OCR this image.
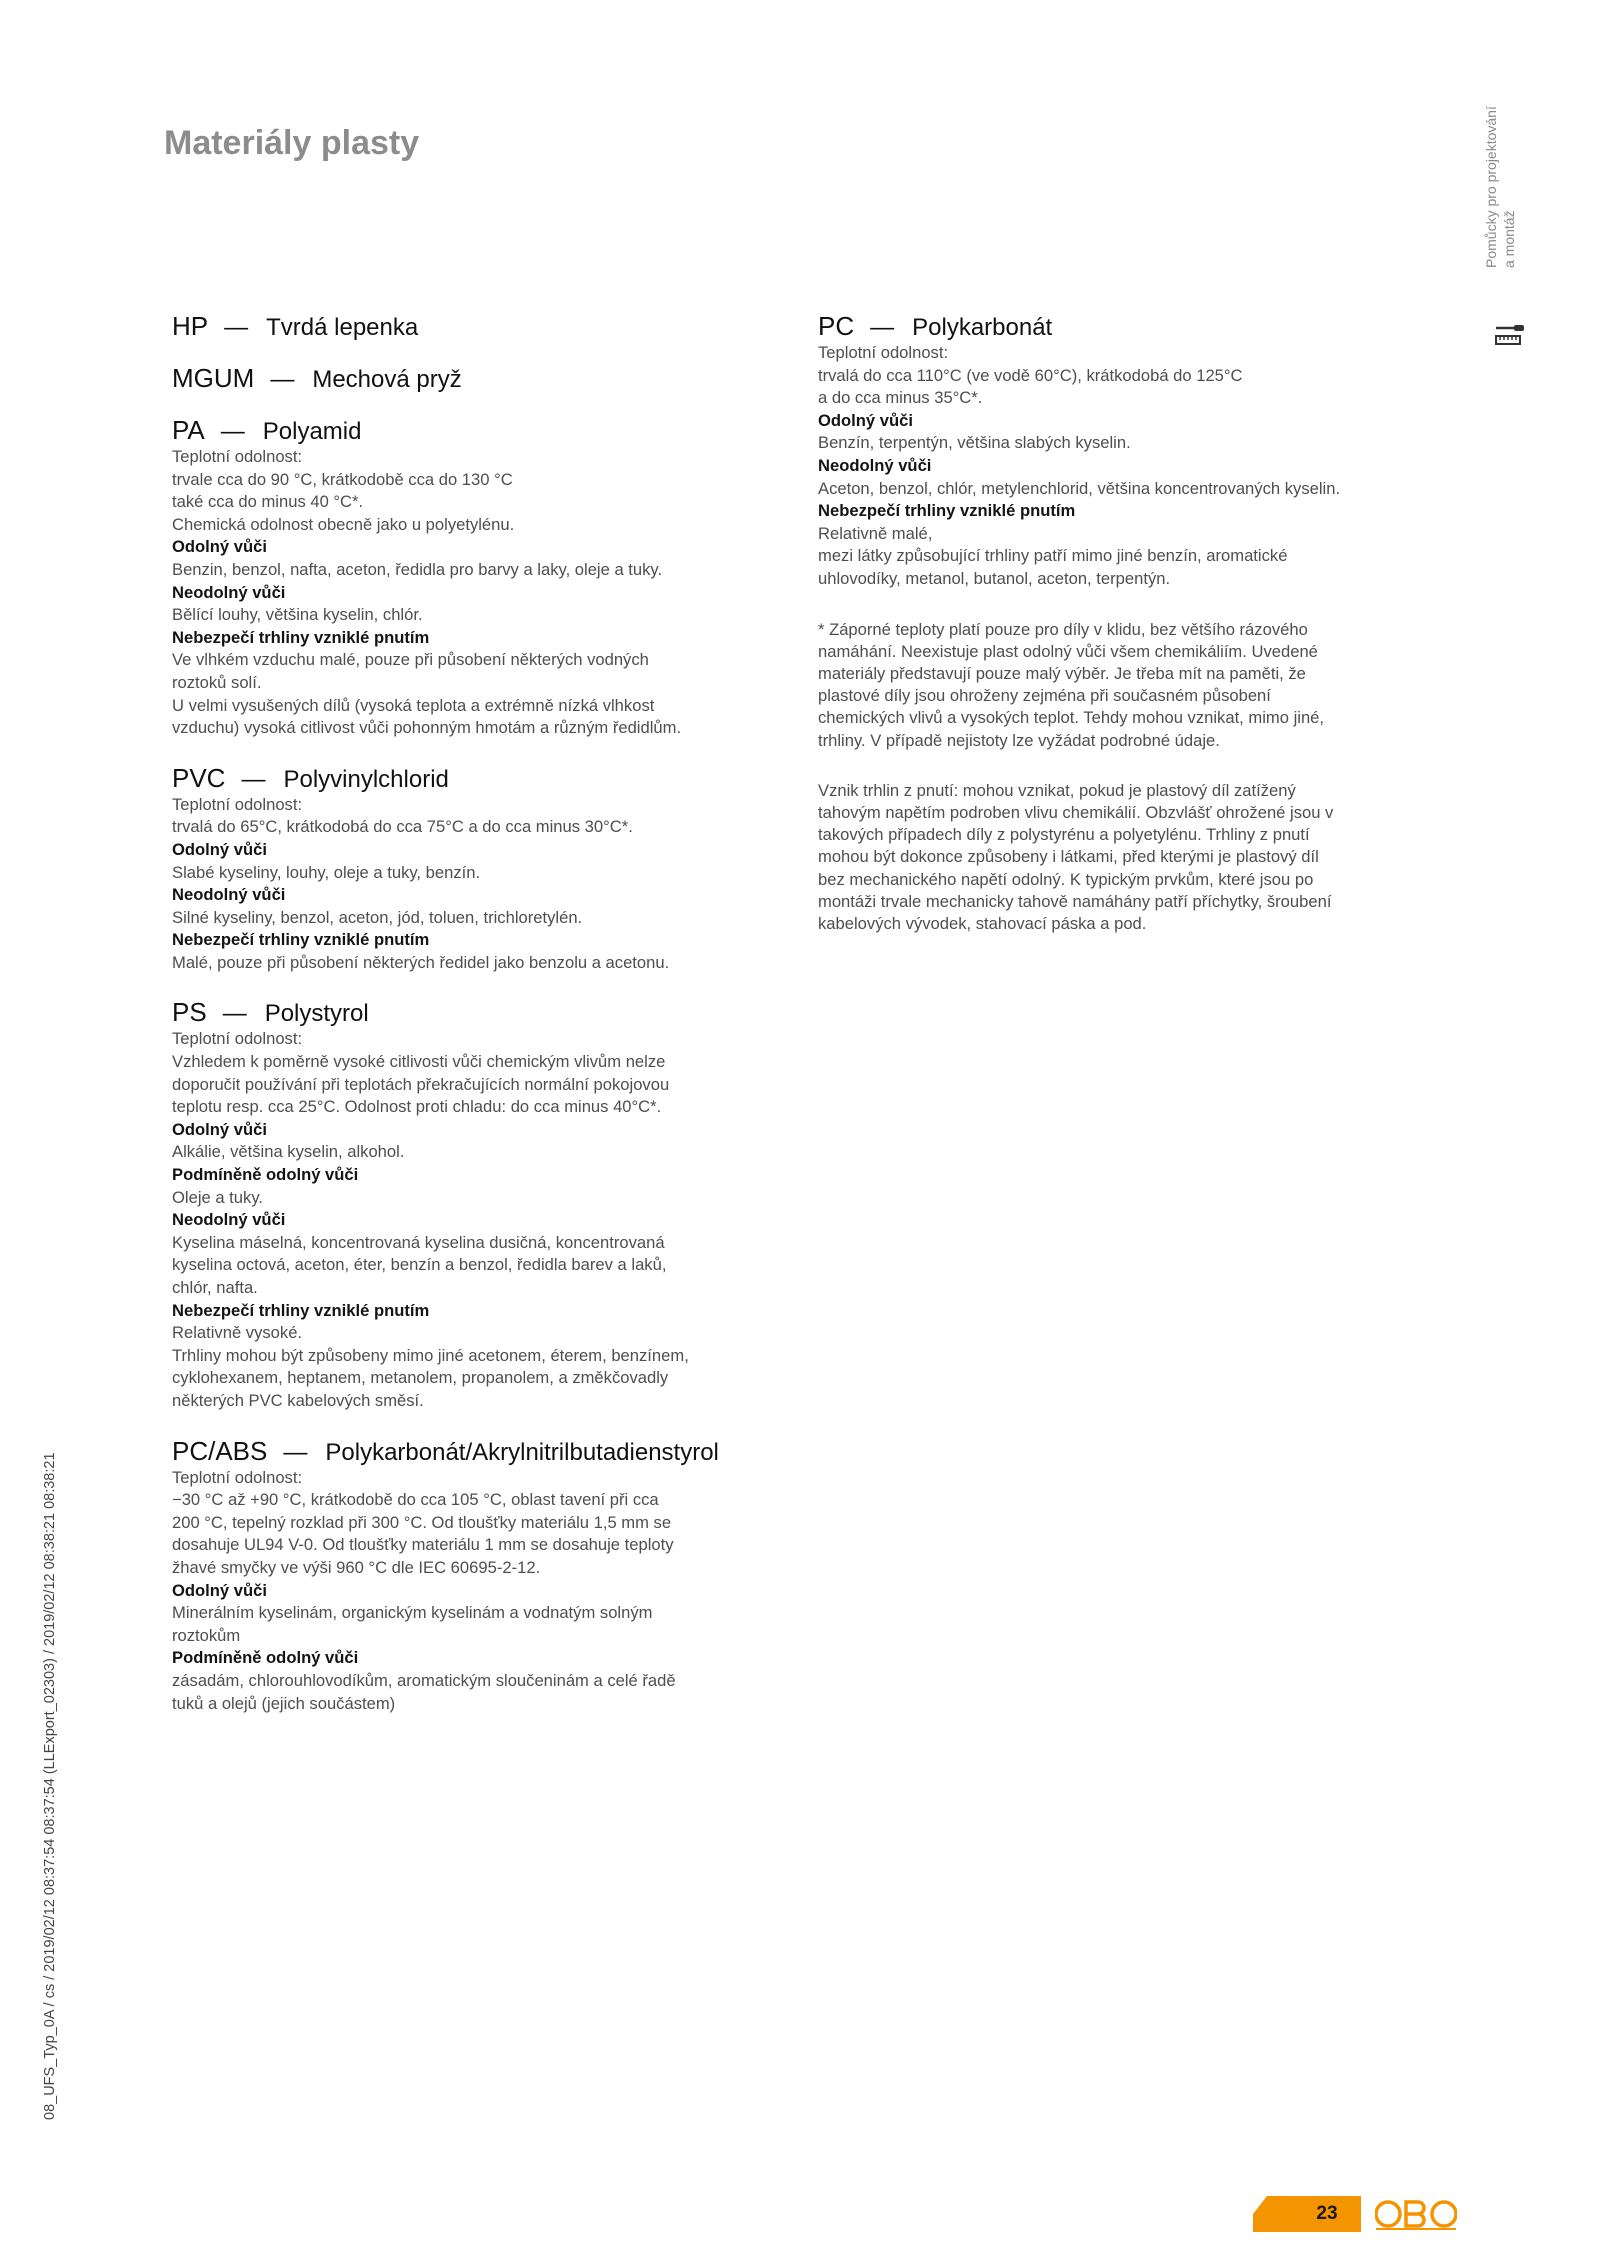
Materiály plasty	Pomůcky pro projektování a montáž
HP — Tvrdá lepenka
MGUM — Mechová pryž
PA — Polyamid

Teplotní odolnost:

trvale cca do 90 °C, krátkodobě cca do 130 °C

také cca do minus 40 °C*.

Chemická odolnost obecně jako u polyetylénu.

Odolný vůči

Benzin, benzol, nafta, aceton, ředidla pro barvy a laky, oleje a tuky.

Neodolný vůči

Bělící louhy, většina kyselin, chlór.

Nebezpečí trhliny vzniklé pnutím

Ve vlhkém vzduchu malé, pouze při působení některých vodných

roztoků solí.

U velmi vysušených dílů (vysoká teplota a extrémně nízká vlhkost

vzduchu) vysoká citlivost vůči pohonným hmotám a různým ředidlům.

PVC — Polyvinylchlorid

Teplotní odolnost:

trvalá do 65°C, krátkodobá do cca 75°C a do cca minus 30°C*.

Odolný vůči

Slabé kyseliny, louhy, oleje a tuky, benzín.

Neodolný vůči

Silné kyseliny, benzol, aceton, jód, toluen, trichloretylén.

Nebezpečí trhliny vzniklé pnutím

Malé, pouze při působení některých ředidel jako benzolu a acetonu.

PS — Polystyrol

Teplotní odolnost:

Vzhledem k poměrně vysoké citlivosti vůči chemickým vlivům nelze

doporučit používání při teplotách překračujících normální pokojovou

teplotu resp. cca 25°C. Odolnost proti chladu: do cca minus 40°C*.

Odolný vůči

Alkálie, většina kyselin, alkohol.

Podmíněně odolný vůči

Oleje a tuky.

Neodolný vůči

Kyselina máselná, koncentrovaná kyselina dusičná, koncentrovaná

kyselina octová, aceton, éter, benzín a benzol, ředidla barev a laků,

chlór, nafta.

Nebezpečí trhliny vzniklé pnutím

Relativně vysoké.

Trhliny mohou být způsobeny mimo jiné acetonem, éterem, benzínem,

cyklohexanem, heptanem, metanolem, propanolem, a změkčovadly

některých PVC kabelových směsí.

PC/ABS — Polykarbonát/Akrylnitrilbutadienstyrol

Teplotní odolnost:

−30 °C až +90 °C, krátkodobě do cca 105 °C, oblast tavení při cca

200 °C, tepelný rozklad při 300 °C. Od tloušťky materiálu 1,5 mm se

dosahuje UL94 V-0. Od tloušťky materiálu 1 mm se dosahuje teploty

žhavé smyčky ve výši 960 °C dle IEC 60695-2-12.

Odolný vůči

Minerálním kyselinám, organickým kyselinám a vodnatým solným

roztokům

Podmíněně odolný vůči

zásadám, chlorouhlovodíkům, aromatickým sloučeninám a celé řadě

tuků a olejů (jejich součástem)

PC — Polykarbonát

Teplotní odolnost:

trvalá do cca 110°C (ve vodě 60°C), krátkodobá do 125°C

a do cca minus 35°C*.

Odolný vůči

Benzín, terpentýn, většina slabých kyselin.

Neodolný vůči

Aceton, benzol, chlór, metylenchlorid, většina koncentrovaných kyselin.

Nebezpečí trhliny vzniklé pnutím

Relativně malé,

mezi látky způsobující trhliny patří mimo jiné benzín, aromatické

uhlovodíky, metanol, butanol, aceton, terpentýn.

* Záporné teploty platí pouze pro díly v klidu, bez většího rázového

namáhání. Neexistuje plast odolný vůči všem chemikáliím. Uvedené

materiály představují pouze malý výběr. Je třeba mít na paměti, že

plastové díly jsou ohroženy zejména při současném působení

chemických vlivů a vysokých teplot. Tehdy mohou vznikat, mimo jiné,

trhliny. V případě nejistoty lze vyžádat podrobné údaje.

Vznik trhlin z pnutí: mohou vznikat, pokud je plastový díl zatížený

tahovým napětím podroben vlivu chemikálií. Obzvlášť ohrožené jsou v

takových případech díly z polystyrénu a polyetylénu. Trhliny z pnutí

mohou být dokonce způsobeny i látkami, před kterými je plastový díl

bez mechanického napětí odolný. K typickým prvkům, které jsou po

montáži trvale mechanicky tahově namáhány patří příchytky, šroubení

kabelových vývodek, stahovací páska a pod.

08_UFS_Typ_0A / cs / 2019/02/12 08:37:54 08:37:54 (LLExport_02303) / 2019/02/12 08:38:21 08:38:21
23
